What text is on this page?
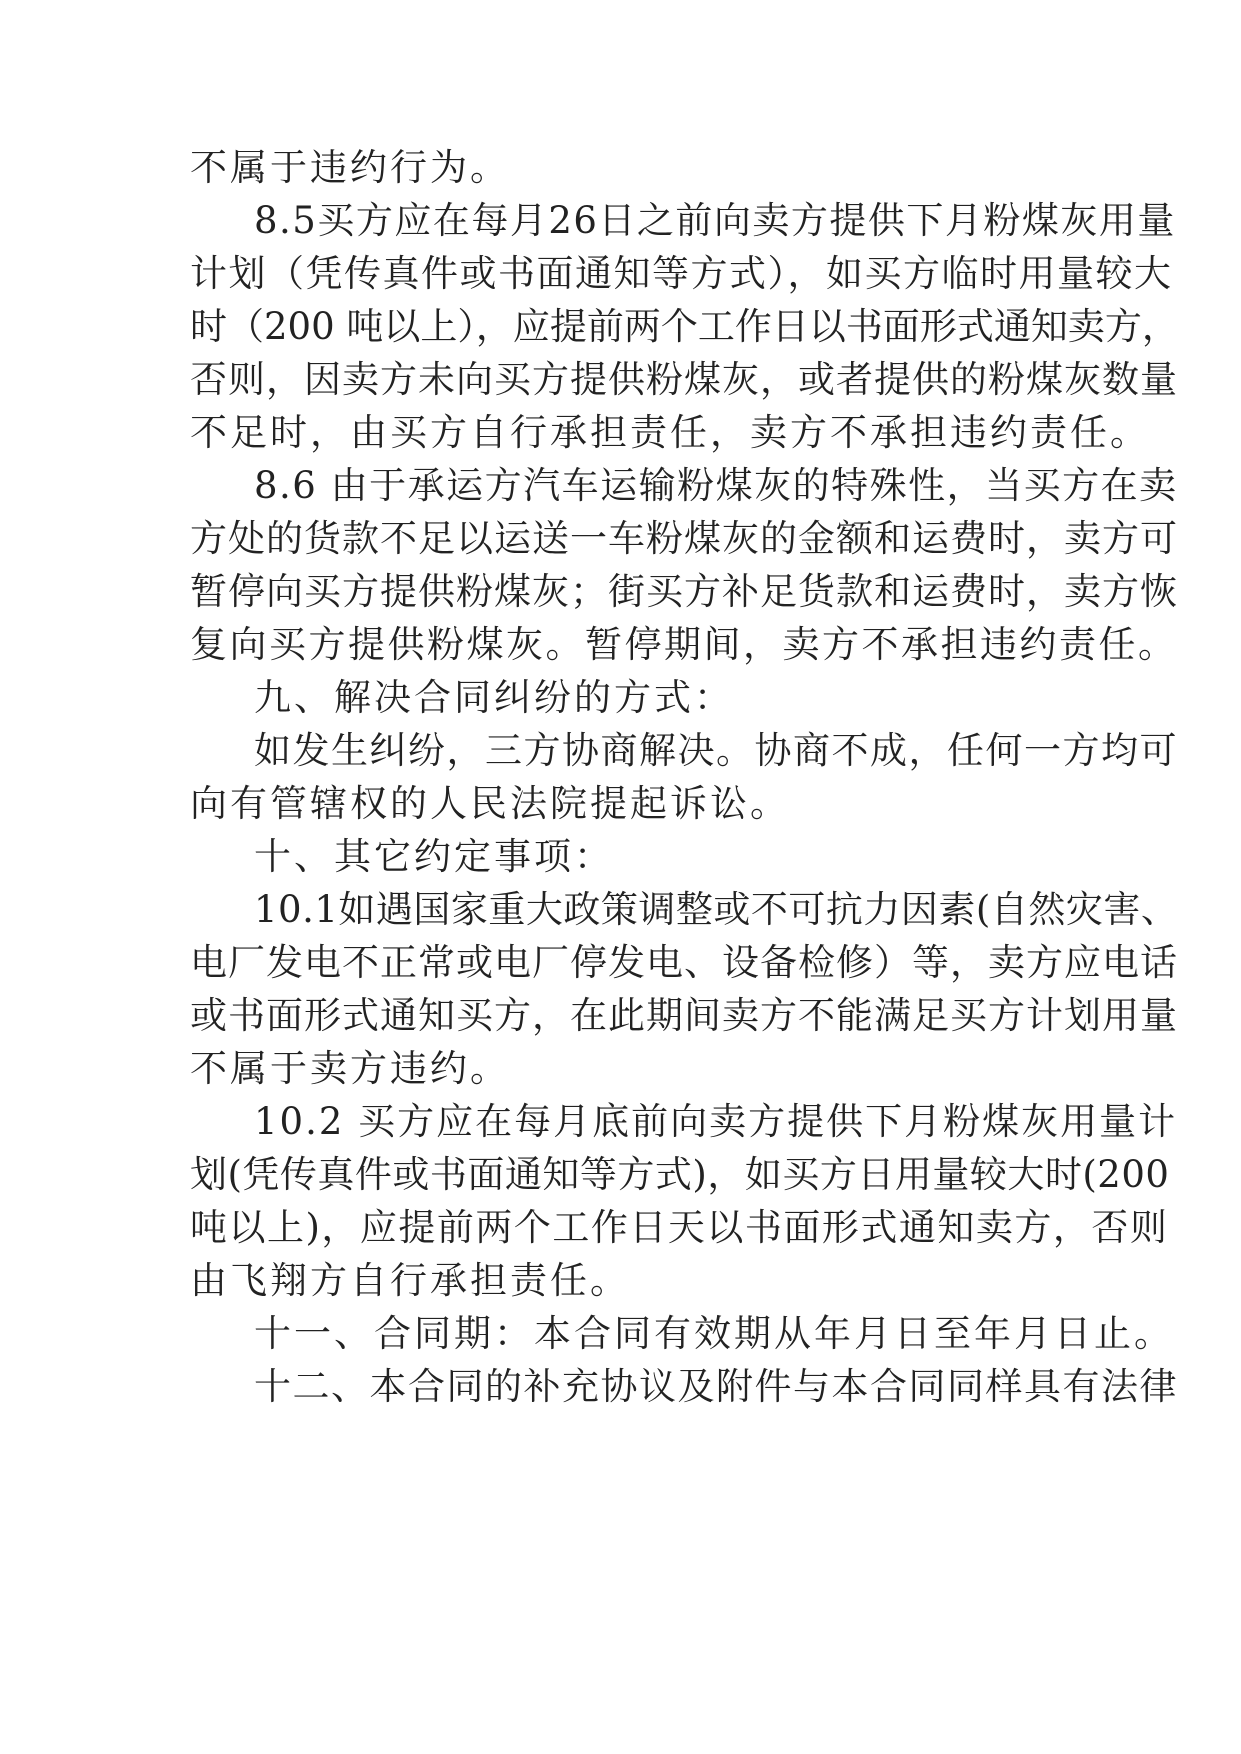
不属于违约行为。
8.5买方应在每月26日之前向卖方提供下月粉煤灰用量
计划（凭传真件或书面通知等方式），如买方临时用量较大
时（200 吨以上），应提前两个工作日以书面形式通知卖方，
否则，因卖方未向买方提供粉煤灰，或者提供的粉煤灰数量
不足时，由买方自行承担责任，卖方不承担违约责任。
8.6 由于承运方汽车运输粉煤灰的特殊性，当买方在卖
方处的货款不足以运送一车粉煤灰的金额和运费时，卖方可
暂停向买方提供粉煤灰；街买方补足货款和运费时，卖方恢
复向买方提供粉煤灰。暂停期间，卖方不承担违约责任。
九、解决合同纠纷的方式：
如发生纠纷，三方协商解决。协商不成，任何一方均可
向有管辖权的人民法院提起诉讼。
十、其它约定事项：
10.1如遇国家重大政策调整或不可抗力因素(自然灾害、
电厂发电不正常或电厂停发电、设备检修）等，卖方应电话
或书面形式通知买方，在此期间卖方不能满足买方计划用量
不属于卖方违约。
10.2 买方应在每月底前向卖方提供下月粉煤灰用量计
划(凭传真件或书面通知等方式)，如买方日用量较大时(200
吨以上)，应提前两个工作日天以书面形式通知卖方，否则
由飞翔方自行承担责任。
十一、合同期：本合同有效期从年月日至年月日止。
十二、本合同的补充协议及附件与本合同同样具有法律
